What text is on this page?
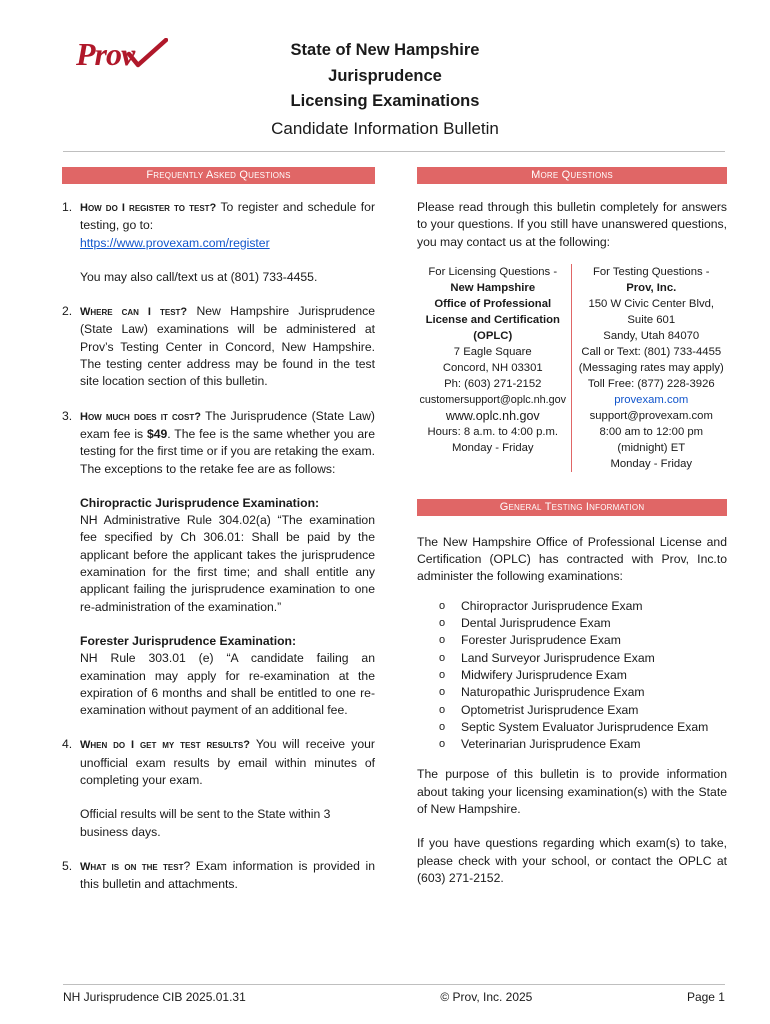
Prov	State of New Hampshire
Jurisprudence
Licensing Examinations
Candidate Information Bulletin
Frequently Asked Questions	More Questions
General Testing Information
1. How do I register to test? To register and schedule for testing, go to:
https://www.provexam.com/register

You may also call/text us at (801) 733-4455.

2. Where can I test? New Hampshire Jurisprudence (State Law) examinations will be administered at Prov’s Testing Center in Concord, New Hampshire. The testing center address may be found in the test site location section of this bulletin.
3. How much does it cost? The Jurisprudence (State Law) exam fee is $49. The fee is the same whether you are testing for the first time or if you are retaking the exam. The exceptions to the retake fee are as follows:
Chiropractic Jurisprudence Examination:
NH Administrative Rule 304.02(a) “The examination fee specified by Ch 306.01: Shall be paid by the applicant before the applicant takes the jurisprudence examination for the first time; and shall entitle any applicant failing the jurisprudence examination to one re-administration of the examination.”
Forester Jurisprudence Examination:
NH Rule 303.01 (e) “A candidate failing an examination may apply for re-examination at the expiration of 6 months and shall be entitled to one re-examination without payment of an additional fee.
4. When do I get my test results? You will receive your unofficial exam results by email within minutes of completing your exam.

Official results will be sent to the State within 3 business days.

5. What is on the test? Exam information is provided in this bulletin and attachments.

Please read through this bulletin completely for answers to your questions. If you still have unanswered questions, you may contact us at the following:

For Licensing Questions -
New Hampshire
Office of Professional
License and Certification
(OPLC)
7 Eagle Square
Concord, NH 03301
Ph: (603) 271-2152
customersupport@oplc.nh.gov
www.oplc.nh.gov
Hours: 8 a.m. to 4:00 p.m.
Monday - Friday
For Testing Questions -
Prov, Inc.
150 W Civic Center Blvd,
Suite 601
Sandy, Utah 84070
Call or Text: (801) 733-4455
(Messaging rates may apply)
Toll Free: (877) 228-3926
provexam.com
support@provexam.com
8:00 am to 12:00 pm
(midnight) ET
Monday - Friday

The New Hampshire Office of Professional License and Certification (OPLC) has contracted with Prov, Inc.to administer the following examinations:

o	Chiropractor Jurisprudence Exam
o	Dental Jurisprudence Exam
o	Forester Jurisprudence Exam
o	Land Surveyor Jurisprudence Exam
o	Midwifery Jurisprudence Exam
o	Naturopathic Jurisprudence Exam
o	Optometrist Jurisprudence Exam
o	Septic System Evaluator Jurisprudence Exam
o	Veterinarian Jurisprudence Exam

The purpose of this bulletin is to provide information about taking your licensing examination(s) with the State of New Hampshire.

If you have questions regarding which exam(s) to take, please check with your school, or contact the OPLC at (603) 271-2152.

NH Jurisprudence CIB 2025.01.31	© Prov, Inc. 2025	Page 1
